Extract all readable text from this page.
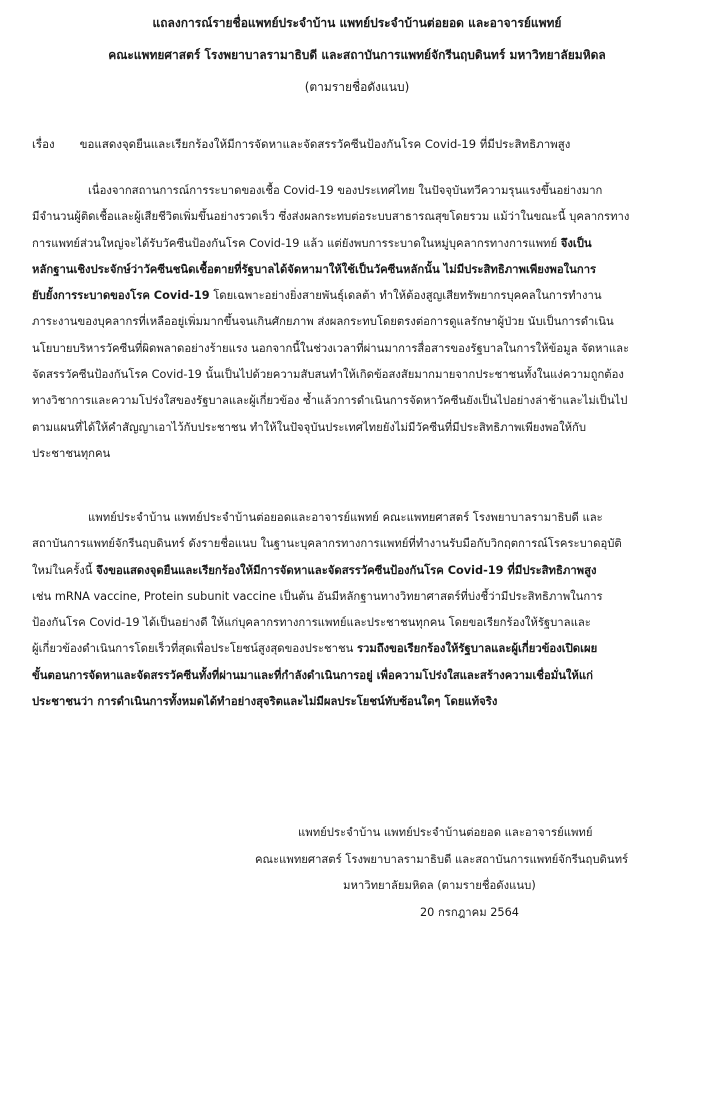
แถลงการณ์รายชื่อแพทย์ประจำบ้าน แพทย์ประจำบ้านต่อยอด และอาจารย์แพทย์
คณะแพทยศาสตร์ โรงพยาบาลรามาธิบดี และสถาบันการแพทย์จักรีนฤบดินทร์ มหาวิทยาลัยมหิดล
(ตามรายชื่อดังแนบ)
เรื่อง ขอแสดงจุดยืนและเรียกร้องให้มีการจัดหาและจัดสรรวัคซีนป้องกันโรค Covid-19 ที่มีประสิทธิภาพสูง
เนื่องจากสถานการณ์การระบาดของเชื้อ Covid-19 ของประเทศไทย ในปัจจุบันทวีความรุนแรงขึ้นอย่างมาก
มีจำนวนผู้ติดเชื้อและผู้เสียชีวิตเพิ่มขึ้นอย่างรวดเร็ว ซึ่งส่งผลกระทบต่อระบบสาธารณสุขโดยรวม แม้ว่าในขณะนี้ บุคลากรทาง
การแพทย์ส่วนใหญ่จะได้รับวัคซีนป้องกันโรค Covid-19 แล้ว แต่ยังพบการระบาดในหมู่บุคลากรทางการแพทย์ จึงเป็น
หลักฐานเชิงประจักษ์ว่าวัคซีนชนิดเชื้อตายที่รัฐบาลได้จัดหามาให้ใช้เป็นวัคซีนหลักนั้น ไม่มีประสิทธิภาพเพียงพอในการ
ยับยั้งการระบาดของโรค Covid-19 โดยเฉพาะอย่างยิ่งสายพันธุ์เดลต้า ทำให้ต้องสูญเสียทรัพยากรบุคคลในการทำงาน
ภาระงานของบุคลากรที่เหลืออยู่เพิ่มมากขึ้นจนเกินศักยภาพ ส่งผลกระทบโดยตรงต่อการดูแลรักษาผู้ป่วย นับเป็นการดำเนิน
นโยบายบริหารวัคซีนที่ผิดพลาดอย่างร้ายแรง นอกจากนี้ในช่วงเวลาที่ผ่านมาการสื่อสารของรัฐบาลในการให้ข้อมูล จัดหาและ
จัดสรรวัคซีนป้องกันโรค Covid-19 นั้นเป็นไปด้วยความสับสนทำให้เกิดข้อสงสัยมากมายจากประชาชนทั้งในแง่ความถูกต้อง
ทางวิชาการและความโปร่งใสของรัฐบาลและผู้เกี่ยวข้อง ซ้ำแล้วการดำเนินการจัดหาวัคซีนยังเป็นไปอย่างล่าช้าและไม่เป็นไป
ตามแผนที่ได้ให้คำสัญญาเอาไว้กับประชาชน ทำให้ในปัจจุบันประเทศไทยยังไม่มีวัคซีนที่มีประสิทธิภาพเพียงพอให้กับ
ประชาชนทุกคน
แพทย์ประจำบ้าน แพทย์ประจำบ้านต่อยอดและอาจารย์แพทย์ คณะแพทยศาสตร์ โรงพยาบาลรามาธิบดี และ
สถาบันการแพทย์จักรีนฤบดินทร์ ดังรายชื่อแนบ ในฐานะบุคลากรทางการแพทย์ที่ทำงานรับมือกับวิกฤตการณ์โรคระบาดอุบัติ
ใหม่ในครั้งนี้ จึงขอแสดงจุดยืนและเรียกร้องให้มีการจัดหาและจัดสรรวัคซีนป้องกันโรค Covid-19 ที่มีประสิทธิภาพสูง
เช่น mRNA vaccine, Protein subunit vaccine เป็นต้น อันมีหลักฐานทางวิทยาศาสตร์ที่บ่งชี้ว่ามีประสิทธิภาพในการ
ป้องกันโรค Covid-19 ได้เป็นอย่างดี ให้แก่บุคลากรทางการแพทย์และประชาชนทุกคน โดยขอเรียกร้องให้รัฐบาลและ
ผู้เกี่ยวข้องดำเนินการโดยเร็วที่สุดเพื่อประโยชน์สูงสุดของประชาชน รวมถึงขอเรียกร้องให้รัฐบาลและผู้เกี่ยวข้องเปิดเผย
ขั้นตอนการจัดหาและจัดสรรวัคซีนทั้งที่ผ่านมาและที่กำลังดำเนินการอยู่ เพื่อความโปร่งใสและสร้างความเชื่อมั่นให้แก่
ประชาชนว่า การดำเนินการทั้งหมดได้ทำอย่างสุจริตและไม่มีผลประโยชน์ทับซ้อนใดๆ โดยแท้จริง
แพทย์ประจำบ้าน แพทย์ประจำบ้านต่อยอด และอาจารย์แพทย์
คณะแพทยศาสตร์ โรงพยาบาลรามาธิบดี และสถาบันการแพทย์จักรีนฤบดินทร์
มหาวิทยาลัยมหิดล (ตามรายชื่อดังแนบ)
20 กรกฎาคม 2564
